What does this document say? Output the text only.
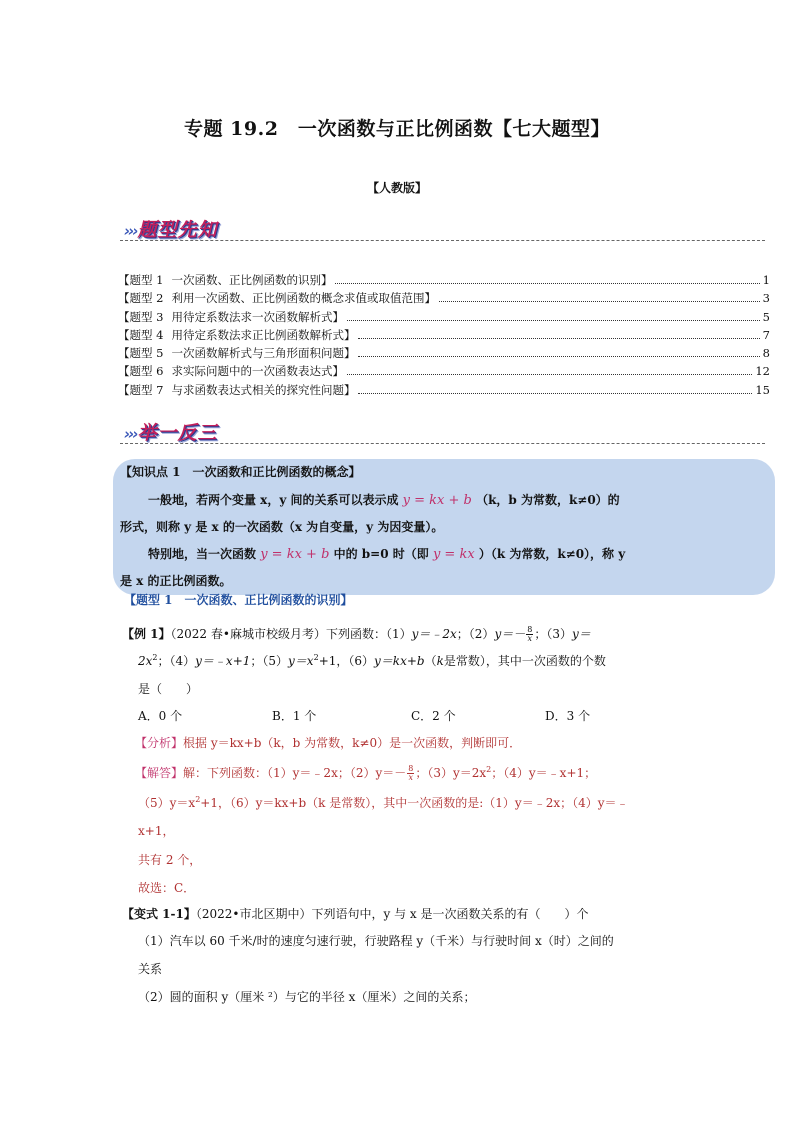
专题 19.2　一次函数与正比例函数【七大题型】
【人教版】
›››题型先知
【题型 1 一次函数、正比例函数的识别】	1
【题型 2 利用一次函数、正比例函数的概念求值或取值范围】	3
【题型 3 用待定系数法求一次函数解析式】	5
【题型 4 用待定系数法求正比例函数解析式】	7
【题型 5 一次函数解析式与三角形面积问题】	8
【题型 6 求实际问题中的一次函数表达式】	12
【题型 7 与求函数表达式相关的探究性问题】	15
›››举一反三
【知识点 1　一次函数和正比例函数的概念】
一般地，若两个变量 x，y 间的关系可以表示成 y = kx + b （k，b 为常数，k≠0）的
形式，则称 y 是 x 的一次函数（x 为自变量，y 为因变量）。
特别地，当一次函数 y = kx + b 中的 b=0 时（即 y = kx ）（k 为常数，k≠0），称 y
是 x 的正比例函数。
【题型 1　一次函数、正比例函数的识别】
【例 1】（2022 春•麻城市校级月考）下列函数：（1）y＝﹣2x；$(2)y=- \frac{8}{x}$ ；（3）y＝
$2x^2$；（4）y＝﹣x+1；$(5)y=x^2+1$，（6）y＝kx+b（k是常数），其中一次函数的个数
是（　　）
A．0 个	B．1 个	C．2 个	D．3 个
【分析】根据 y＝kx+b（k，b 为常数，k≠0）是一次函数，判断即可．
【解答】解：下列函数：（1）y＝﹣2x；$(2)y=- \frac{8}{x}$ ；$(3)y=2x^2$；（4）y＝﹣x+1；
$(5)y=x^2+1$，（6）y＝kx+b（k 是常数），其中一次函数的是:（1）y＝﹣2x；（4）y＝﹣
x+1，
共有 2 个，
故选：C．
【变式 1-1】（2022•市北区期中）下列语句中，y 与 x 是一次函数关系的有（　　）个
（1）汽车以 60 千米/时的速度匀速行驶，行驶路程 y（千米）与行驶时间 x（时）之间的
关系
（2）圆的面积 y（厘米 ²）与它的半径 x（厘米）之间的关系；
